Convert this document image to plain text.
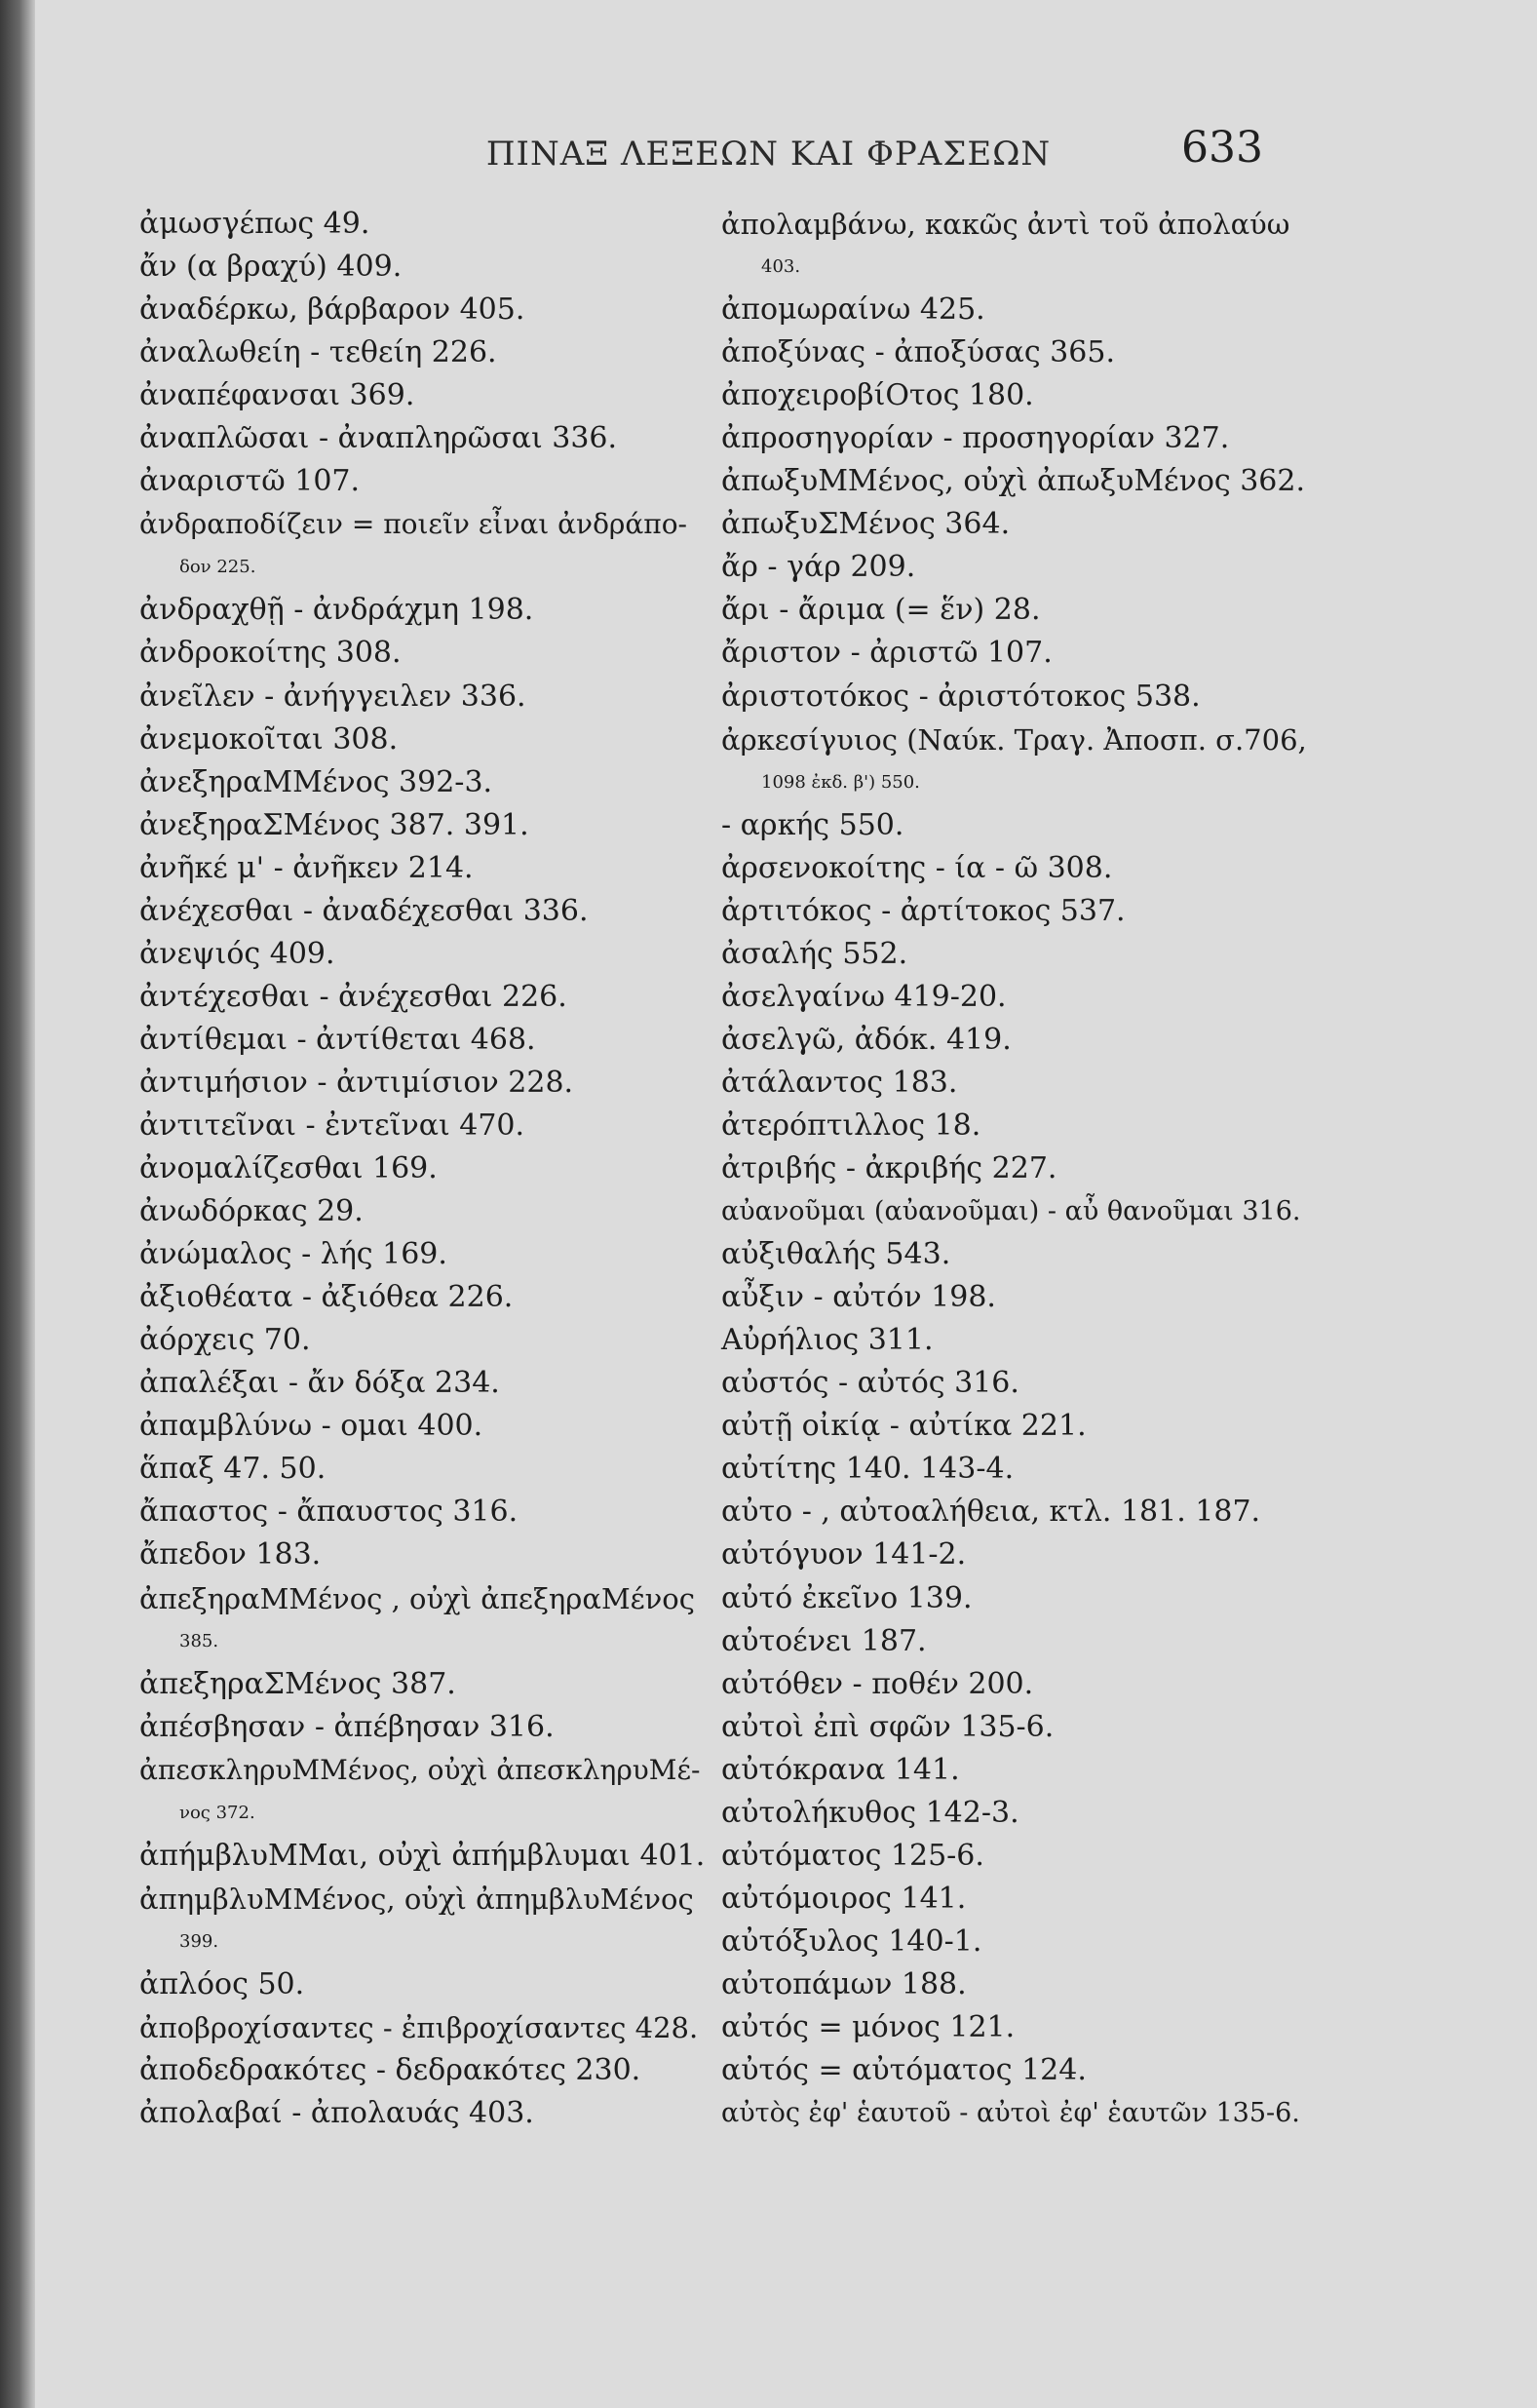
ΠΙΝΑΞ ΛΕΞΕΩΝ ΚΑΙ ΦΡΑΣΕΩΝ	633
ἀμωσγέπως 49.
ἄν (α βραχύ) 409.
ἀναδέρκω, βάρβαρον 405.
ἀναλωθείη - τεθείη 226.
ἀναπέφανσαι 369.
ἀναπλῶσαι - ἀναπληρῶσαι 336.
ἀναριστῶ 107.
ἀνδραποδίζειν = ποιεῖν εἶναι ἀνδράπο-
δον 225.
ἀνδραχθῇ - ἀνδράχμη 198.
ἀνδροκοίτης 308.
ἀνεῖλεν - ἀνήγγειλεν 336.
ἀνεμοκοῖται 308.
ἀνεξηραΜΜένος 392-3.
ἀνεξηραΣΜένος 387. 391.
ἀνῆκέ μ' - ἀνῆκεν 214.
ἀνέχεσθαι - ἀναδέχεσθαι 336.
ἀνεψιός 409.
ἀντέχεσθαι - ἀνέχεσθαι 226.
ἀντίθεμαι - ἀντίθεται 468.
ἀντιμήσιον - ἀντιμίσιον 228.
ἀντιτεῖναι - ἐντεῖναι 470.
ἀνομαλίζεσθαι 169.
ἀνωδόρκας 29.
ἀνώμαλος - λής 169.
ἀξιοθέατα - ἀξιόθεα 226.
ἀόρχεις 70.
ἀπαλέξαι - ἄν δόξα 234.
ἀπαμβλύνω - ομαι 400.
ἅπαξ 47. 50.
ἄπαστος - ἄπαυστος 316.
ἄπεδον 183.
ἀπεξηραΜΜένος , οὐχὶ ἀπεξηραΜένος
385.
ἀπεξηραΣΜένος 387.
ἀπέσβησαν - ἀπέβησαν 316.
ἀπεσκληρυΜΜένος, οὐχὶ ἀπεσκληρυΜέ-
νος 372.
ἀπήμβλυΜΜαι, οὐχὶ ἀπήμβλυμαι 401.
ἀπημβλυΜΜένος, οὐχὶ ἀπημβλυΜένος
399.
ἀπλόος 50.
ἀποβροχίσαντες - ἐπιβροχίσαντες 428.
ἀποδεδρακότες - δεδρακότες 230.
ἀπολαβαί - ἀπολαυάς 403.
ἀπολαμβάνω, κακῶς ἀντὶ τοῦ ἀπολαύω
403.
ἀπομωραίνω 425.
ἀποξύνας - ἀποξύσας 365.
ἀποχειροβίΟτος 180.
ἀπροσηγορίαν - προσηγορίαν 327.
ἀπωξυΜΜένος, οὐχὶ ἀπωξυΜένος 362.
ἀπωξυΣΜένος 364.
ἄρ - γάρ 209.
ἄρι - ἄριμα (= ἕν) 28.
ἄριστον - ἀριστῶ 107.
ἀριστοτόκος - ἀριστότοκος 538.
ἀρκεσίγυιος (Ναύκ. Τραγ. Ἀποσπ. σ.706,
1098 ἐκδ. β') 550.
- αρκής 550.
ἀρσενοκοίτης - ία - ῶ 308.
ἀρτιτόκος - ἀρτίτοκος 537.
ἀσαλής 552.
ἀσελγαίνω 419-20.
ἀσελγῶ, ἀδόκ. 419.
ἀτάλαντος 183.
ἀτερόπτιλλος 18.
ἀτριβής - ἀκριβής 227.
αὐανοῦμαι (αὐανοῦμαι) - αὖ θανοῦμαι 316.
αὐξιθαλής 543.
αὖξιν - αὐτόν 198.
Αὐρήλιος 311.
αὐστός - αὐτός 316.
αὐτῇ οἰκίᾳ - αὐτίκα 221.
αὐτίτης 140. 143-4.
αὐτο - , αὐτοαλήθεια, κτλ. 181. 187.
αὐτόγυον 141-2.
αὐτό ἐκεῖνο 139.
αὐτοένει 187.
αὐτόθεν - ποθέν 200.
αὐτοὶ ἐπὶ σφῶν 135-6.
αὐτόκρανα 141.
αὐτολήκυθος 142-3.
αὐτόματος 125-6.
αὐτόμοιρος 141.
αὐτόξυλος 140-1.
αὐτοπάμων 188.
αὐτός = μόνος 121.
αὐτός = αὐτόματος 124.
αὐτὸς ἐφ' ἑαυτοῦ - αὐτοὶ ἐφ' ἑαυτῶν 135-6.
